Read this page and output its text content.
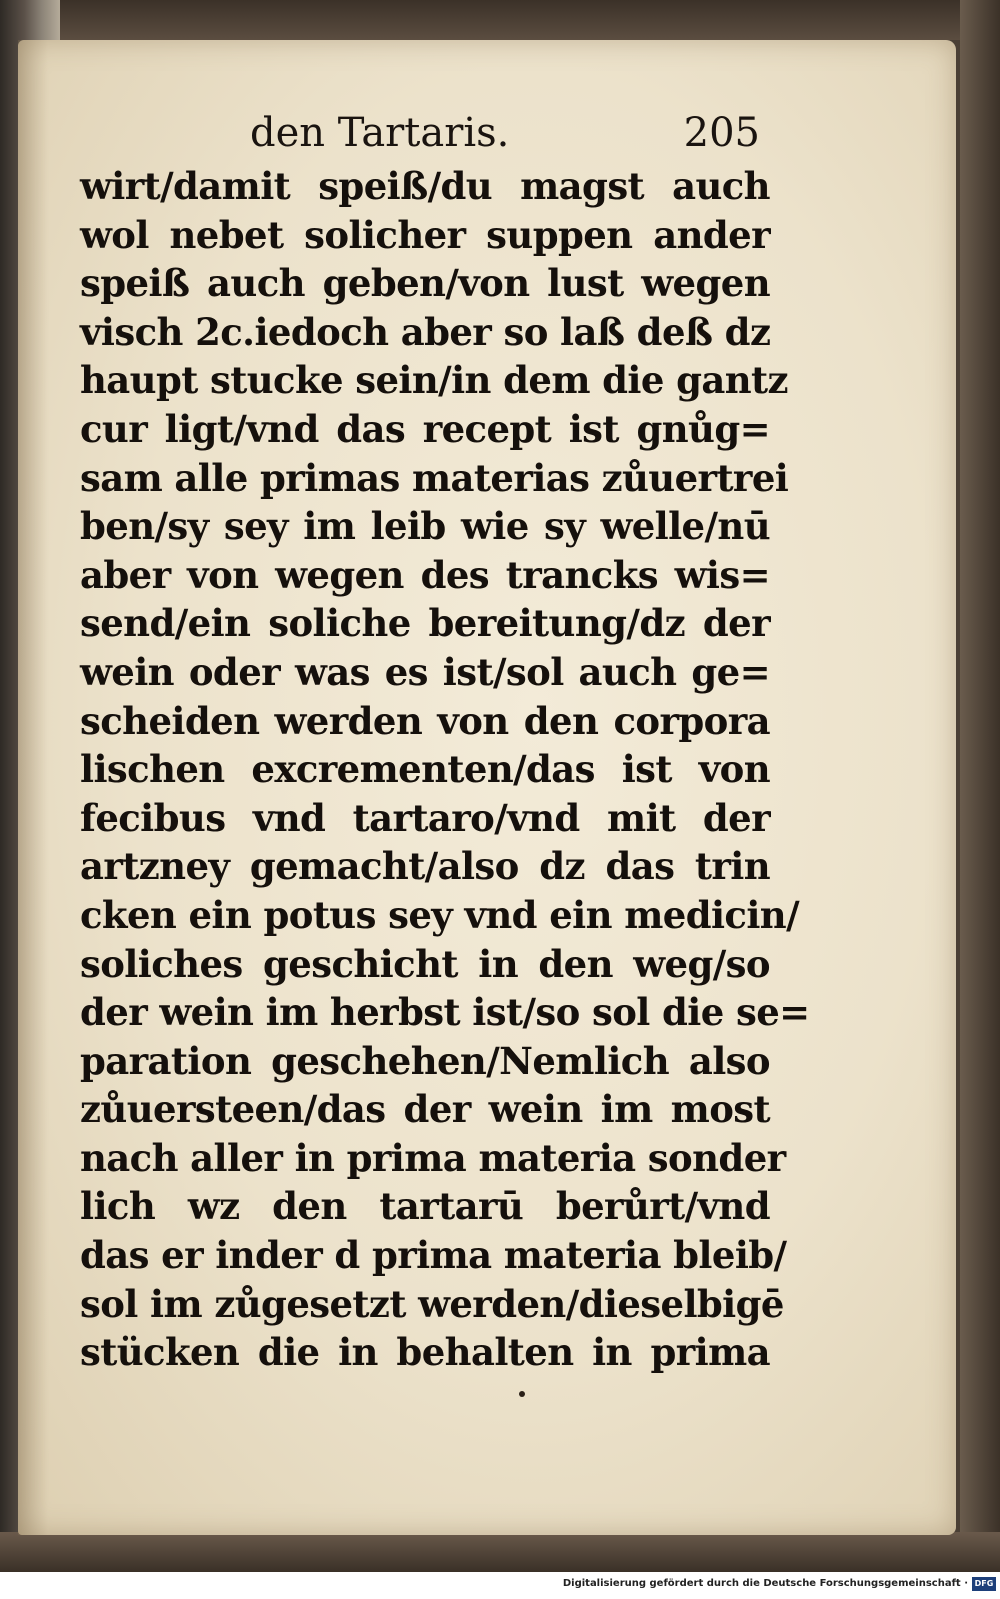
den Tartaris.	205
wirt/damit speiß/du magst auch
wol nebet solicher suppen ander
speiß auch geben/von lust wegen
visch 2c.iedoch aber so laß deß dz
haupt stucke sein/in dem die gantz
cur ligt/vnd das recept ist gnůg=
sam alle primas materias zůuertrei
ben/sy sey im leib wie sy welle/nū
aber von wegen des trancks wis=
send/ein soliche bereitung/dz der
wein oder was es ist/sol auch ge=
scheiden werden von den corpora
lischen excrementen/das ist von
fecibus vnd tartaro/vnd mit der
artzney gemacht/also dz das trin
cken ein potus sey vnd ein medicin/
soliches geschicht in den weg/so
der wein im herbst ist/so sol die se=
paration geschehen/Nemlich also
zůuersteen/das der wein im most
nach aller in prima materia sonder
lich wz den tartarū berůrt/vnd
das er inder d prima materia bleib/
sol im zůgesetzt werden/dieselbigē
stücken die in behalten in prima
Digitalisierung gefördert durch die Deutsche Forschungsgemeinschaft · DFG
